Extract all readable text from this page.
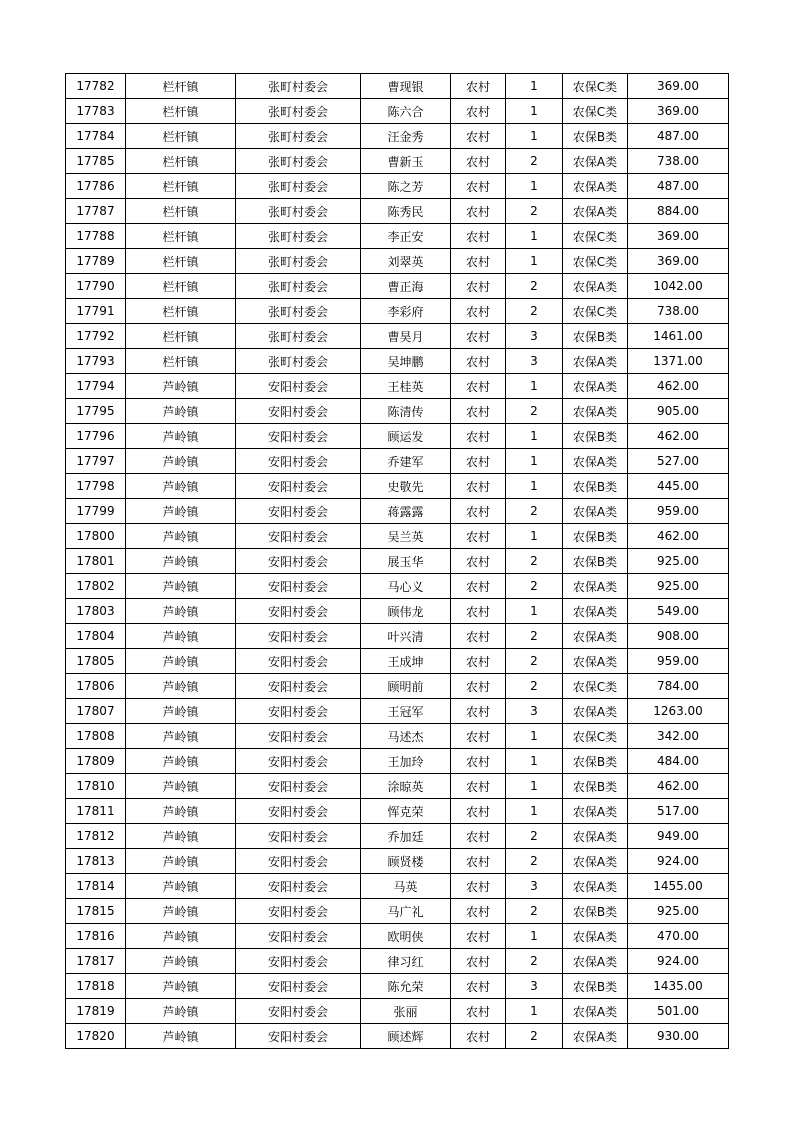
17782	栏杆镇	张町村委会	曹现银	农村	1	农保C类	369.00
17783	栏杆镇	张町村委会	陈六合	农村	1	农保C类	369.00
17784	栏杆镇	张町村委会	汪金秀	农村	1	农保B类	487.00
17785	栏杆镇	张町村委会	曹新玉	农村	2	农保A类	738.00
17786	栏杆镇	张町村委会	陈之芳	农村	1	农保A类	487.00
17787	栏杆镇	张町村委会	陈秀民	农村	2	农保A类	884.00
17788	栏杆镇	张町村委会	李正安	农村	1	农保C类	369.00
17789	栏杆镇	张町村委会	刘翠英	农村	1	农保C类	369.00
17790	栏杆镇	张町村委会	曹正海	农村	2	农保A类	1042.00
17791	栏杆镇	张町村委会	李彩府	农村	2	农保C类	738.00
17792	栏杆镇	张町村委会	曹昊月	农村	3	农保B类	1461.00
17793	栏杆镇	张町村委会	吴坤鹏	农村	3	农保A类	1371.00
17794	芦岭镇	安阳村委会	王桂英	农村	1	农保A类	462.00
17795	芦岭镇	安阳村委会	陈清传	农村	2	农保A类	905.00
17796	芦岭镇	安阳村委会	顾运发	农村	1	农保B类	462.00
17797	芦岭镇	安阳村委会	乔建军	农村	1	农保A类	527.00
17798	芦岭镇	安阳村委会	史敬先	农村	1	农保B类	445.00
17799	芦岭镇	安阳村委会	蒋露露	农村	2	农保A类	959.00
17800	芦岭镇	安阳村委会	吴兰英	农村	1	农保B类	462.00
17801	芦岭镇	安阳村委会	展玉华	农村	2	农保B类	925.00
17802	芦岭镇	安阳村委会	马心义	农村	2	农保A类	925.00
17803	芦岭镇	安阳村委会	顾伟龙	农村	1	农保A类	549.00
17804	芦岭镇	安阳村委会	叶兴清	农村	2	农保A类	908.00
17805	芦岭镇	安阳村委会	王成坤	农村	2	农保A类	959.00
17806	芦岭镇	安阳村委会	顾明前	农村	2	农保C类	784.00
17807	芦岭镇	安阳村委会	王冠军	农村	3	农保A类	1263.00
17808	芦岭镇	安阳村委会	马述杰	农村	1	农保C类	342.00
17809	芦岭镇	安阳村委会	王加玲	农村	1	农保B类	484.00
17810	芦岭镇	安阳村委会	涂晾英	农村	1	农保B类	462.00
17811	芦岭镇	安阳村委会	恽克荣	农村	1	农保A类	517.00
17812	芦岭镇	安阳村委会	乔加廷	农村	2	农保A类	949.00
17813	芦岭镇	安阳村委会	顾贤楼	农村	2	农保A类	924.00
17814	芦岭镇	安阳村委会	马英	农村	3	农保A类	1455.00
17815	芦岭镇	安阳村委会	马广礼	农村	2	农保B类	925.00
17816	芦岭镇	安阳村委会	欧明侠	农村	1	农保A类	470.00
17817	芦岭镇	安阳村委会	律习红	农村	2	农保A类	924.00
17818	芦岭镇	安阳村委会	陈允荣	农村	3	农保B类	1435.00
17819	芦岭镇	安阳村委会	张丽	农村	1	农保A类	501.00
17820	芦岭镇	安阳村委会	顾述辉	农村	2	农保A类	930.00
